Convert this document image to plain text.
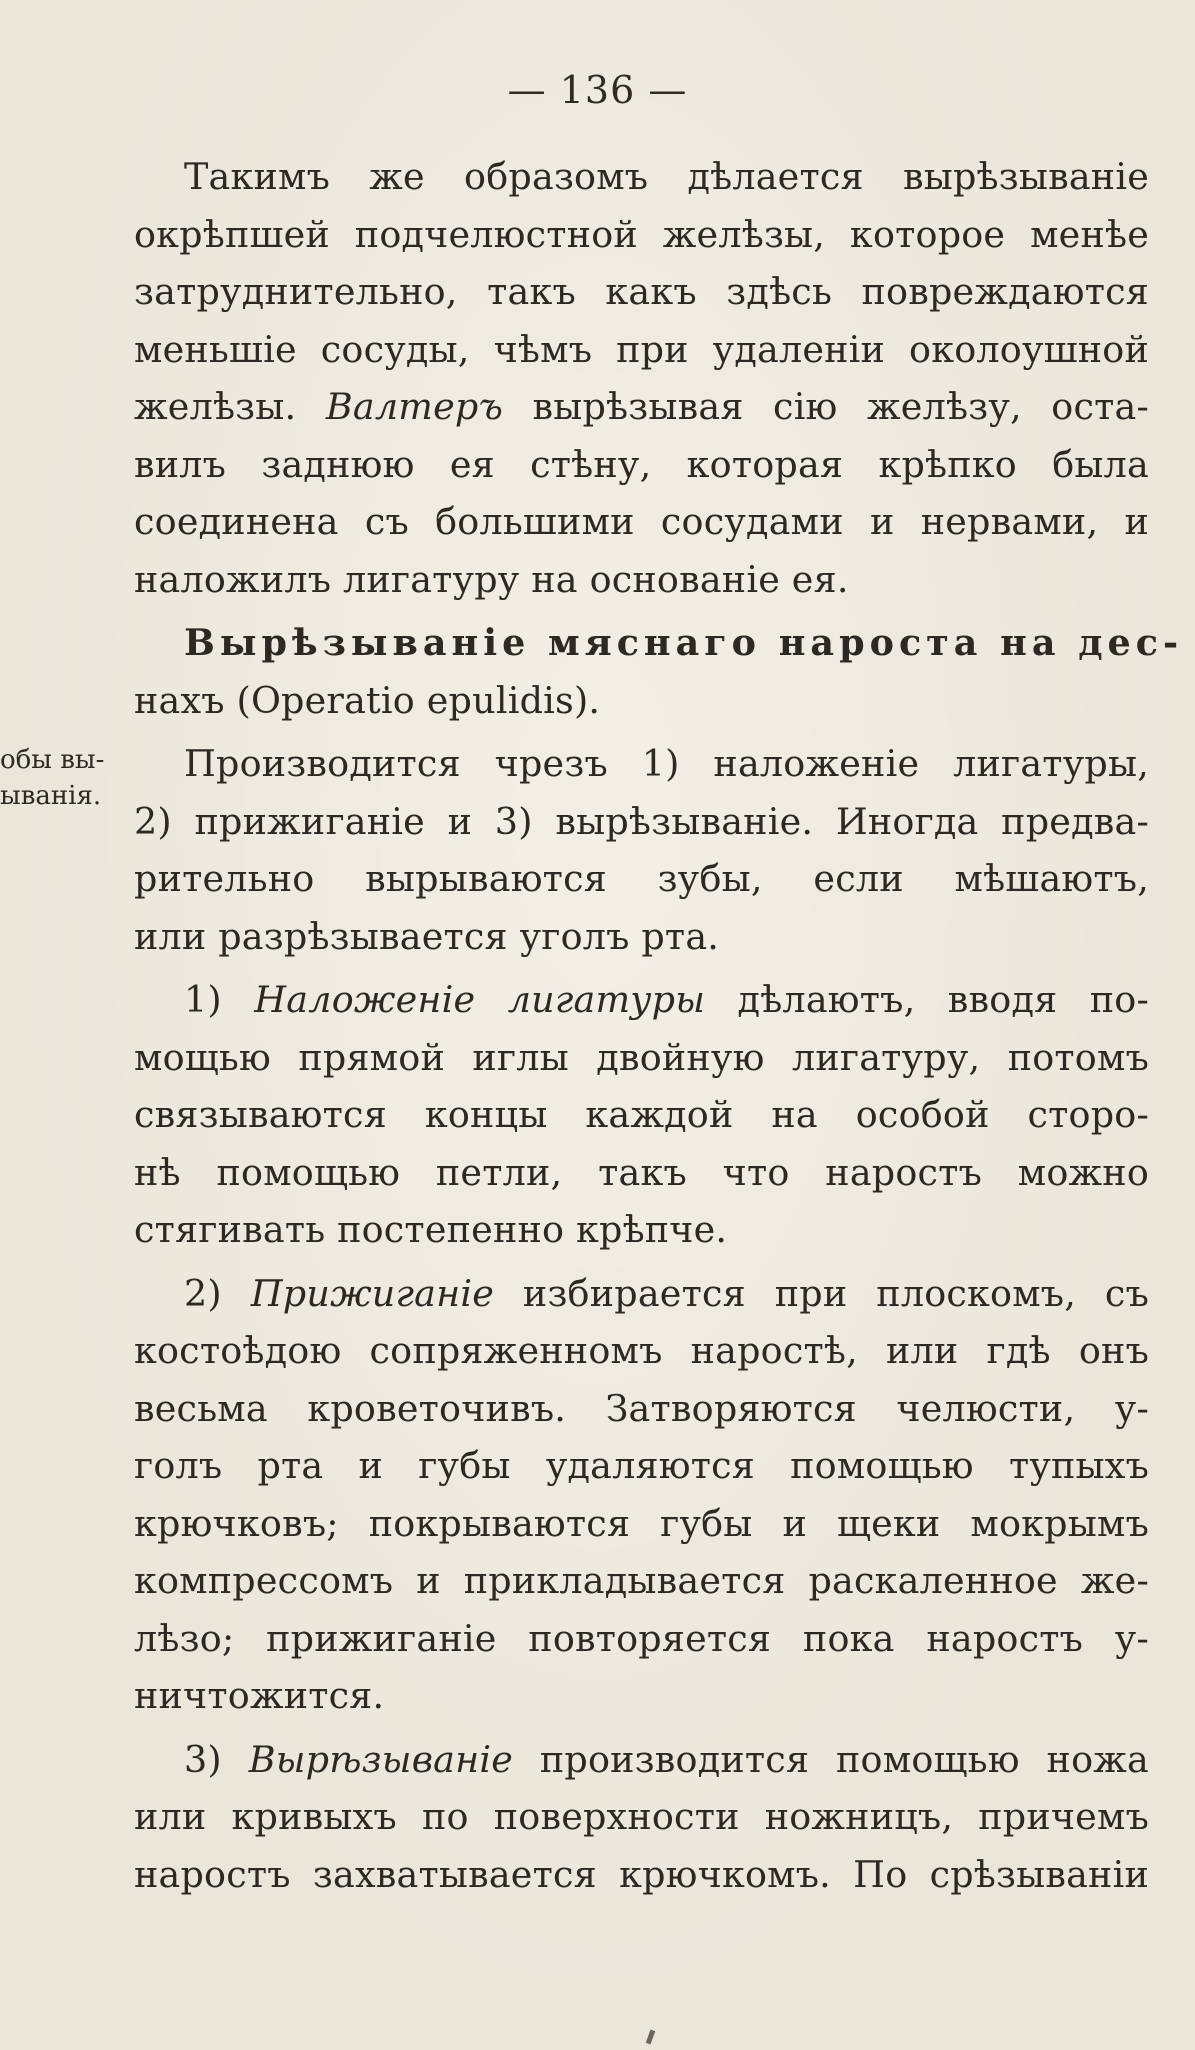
— 136 —
обы вы-
ыванія.
Такимъ же образомъ дѣлается вырѣзываніе
окрѣпшей подчелюстной желѣзы, которое менѣе
затруднительно, такъ какъ здѣсь повреждаются
меньшіе сосуды, чѣмъ при удаленіи околоушной
желѣзы. Валтеръ вырѣзывая сію желѣзу, оста-
вилъ заднюю ея стѣну, которая крѣпко была
соединена съ большими сосудами и нервами, и
наложилъ лигатуру на основаніе ея.
Вырѣзываніе мяснаго нароста на дес-
нахъ (Operatio epulidis).
Производится чрезъ 1) наложеніе лигатуры,
2) прижиганіе и 3) вырѣзываніе. Иногда предва-
рительно вырываются зубы, если мѣшаютъ,
или разрѣзывается уголъ рта.
1) Наложеніе лигатуры дѣлаютъ, вводя по-
мощью прямой иглы двойную лигатуру, потомъ
связываются концы каждой на особой сторо-
нѣ помощью петли, такъ что наростъ можно
стягивать постепенно крѣпче.
2) Прижиганіе избирается при плоскомъ, съ
костоѣдою сопряженномъ наростѣ, или гдѣ онъ
весьма кроветочивъ. Затворяются челюсти, у-
голъ рта и губы удаляются помощью тупыхъ
крючковъ; покрываются губы и щеки мокрымъ
компрессомъ и прикладывается раскаленное же-
лѣзо; прижиганіе повторяется пока наростъ у-
ничтожится.
3) Вырѣзываніе производится помощью ножа
или кривыхъ по поверхности ножницъ, причемъ
наростъ захватывается крючкомъ. По срѣзываніи
